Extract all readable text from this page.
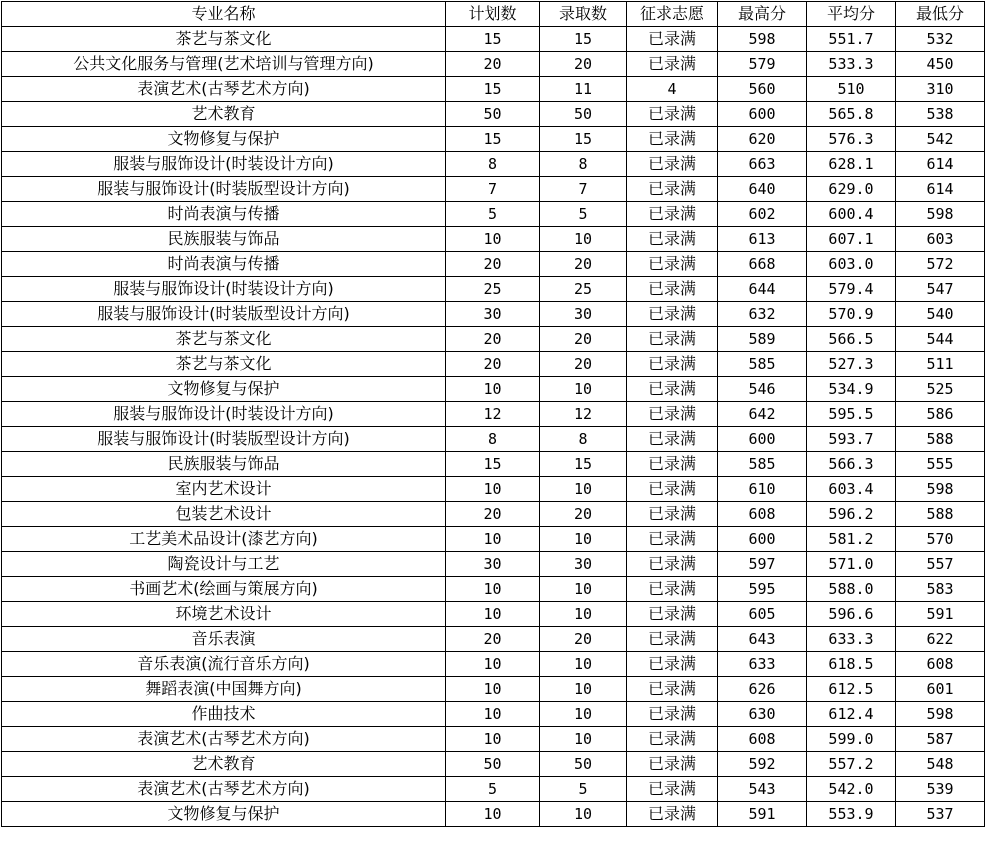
专业名称	计划数	录取数	征求志愿	最高分	平均分	最低分
茶艺与茶文化	15	15	已录满	598	551.7	532
公共文化服务与管理(艺术培训与管理方向)	20	20	已录满	579	533.3	450
表演艺术(古琴艺术方向)	15	11	4	560	510	310
艺术教育	50	50	已录满	600	565.8	538
文物修复与保护	15	15	已录满	620	576.3	542
服装与服饰设计(时装设计方向)	8	8	已录满	663	628.1	614
服装与服饰设计(时装版型设计方向)	7	7	已录满	640	629.0	614
时尚表演与传播	5	5	已录满	602	600.4	598
民族服装与饰品	10	10	已录满	613	607.1	603
时尚表演与传播	20	20	已录满	668	603.0	572
服装与服饰设计(时装设计方向)	25	25	已录满	644	579.4	547
服装与服饰设计(时装版型设计方向)	30	30	已录满	632	570.9	540
茶艺与茶文化	20	20	已录满	589	566.5	544
茶艺与茶文化	20	20	已录满	585	527.3	511
文物修复与保护	10	10	已录满	546	534.9	525
服装与服饰设计(时装设计方向)	12	12	已录满	642	595.5	586
服装与服饰设计(时装版型设计方向)	8	8	已录满	600	593.7	588
民族服装与饰品	15	15	已录满	585	566.3	555
室内艺术设计	10	10	已录满	610	603.4	598
包装艺术设计	20	20	已录满	608	596.2	588
工艺美术品设计(漆艺方向)	10	10	已录满	600	581.2	570
陶瓷设计与工艺	30	30	已录满	597	571.0	557
书画艺术(绘画与策展方向)	10	10	已录满	595	588.0	583
环境艺术设计	10	10	已录满	605	596.6	591
音乐表演	20	20	已录满	643	633.3	622
音乐表演(流行音乐方向)	10	10	已录满	633	618.5	608
舞蹈表演(中国舞方向)	10	10	已录满	626	612.5	601
作曲技术	10	10	已录满	630	612.4	598
表演艺术(古琴艺术方向)	10	10	已录满	608	599.0	587
艺术教育	50	50	已录满	592	557.2	548
表演艺术(古琴艺术方向)	5	5	已录满	543	542.0	539
文物修复与保护	10	10	已录满	591	553.9	537
